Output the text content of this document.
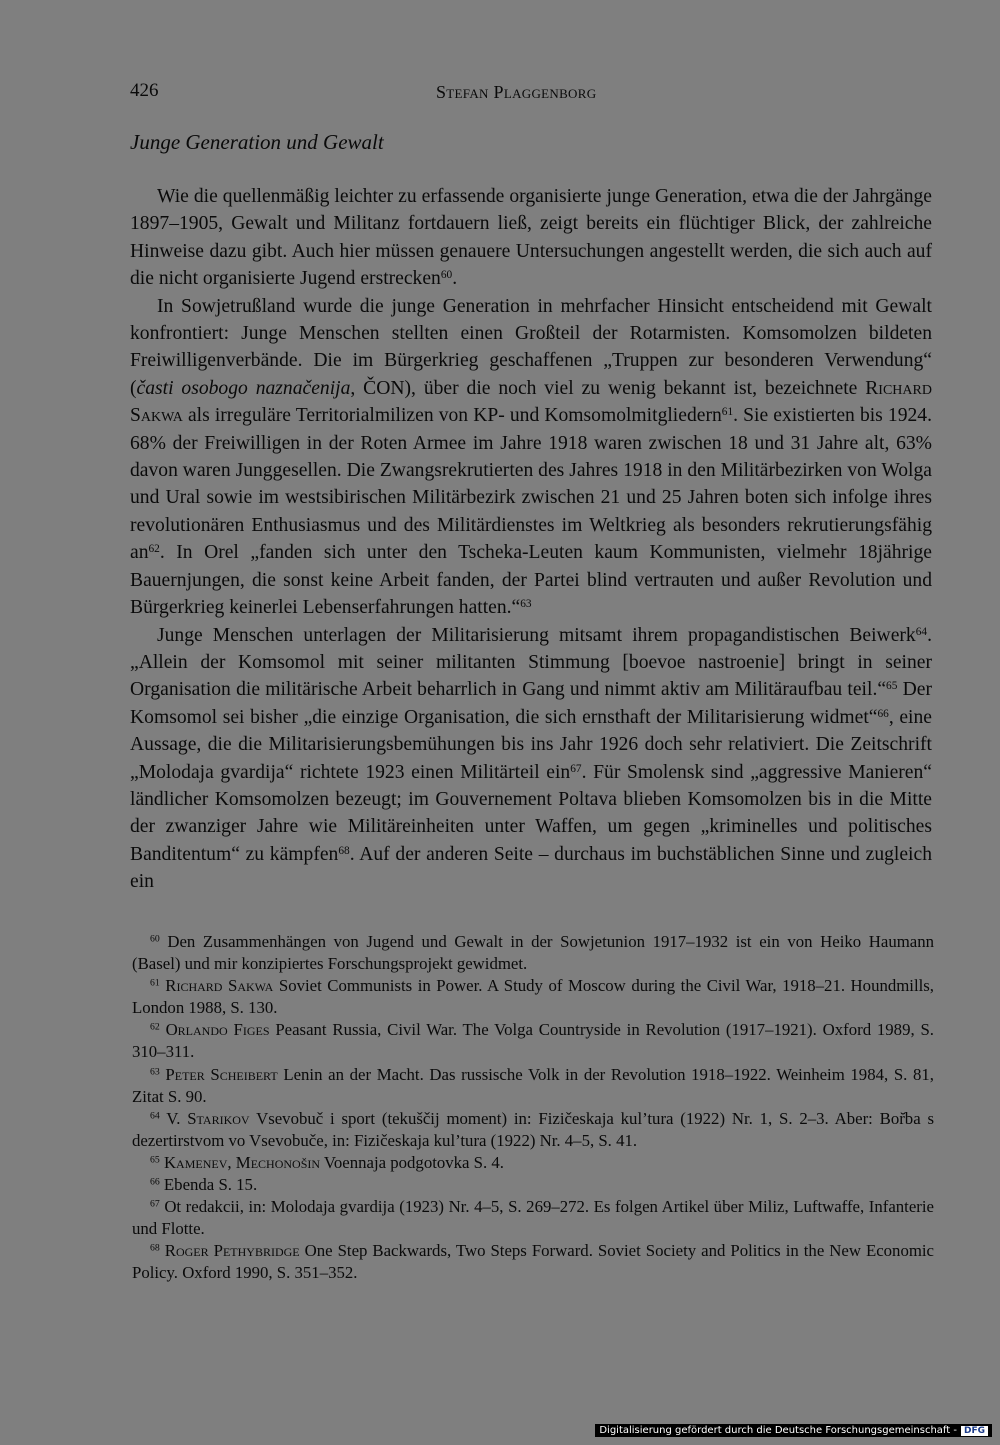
426	Stefan Plaggenborg
Junge Generation und Gewalt

Wie die quellenmäßig leichter zu erfassende organisierte junge Generation, etwa die der Jahrgänge 1897–1905, Gewalt und Militanz fortdauern ließ, zeigt bereits ein flüchtiger Blick, der zahlreiche Hinweise dazu gibt. Auch hier müssen genauere Untersuchungen angestellt werden, die sich auch auf die nicht organisierte Jugend erstrecken$^{60}$.

In Sowjetrußland wurde die junge Generation in mehrfacher Hinsicht entscheidend mit Gewalt konfrontiert: Junge Menschen stellten einen Großteil der Rotarmisten. Komsomolzen bildeten Freiwilligenverbände. Die im Bürgerkrieg geschaffenen „Truppen zur besonderen Verwendung“ (časti osobogo naznačenija, ČON), über die noch viel zu wenig bekannt ist, bezeichnete Richard Sakwa als irreguläre Territorialmilizen von KP- und Komsomolmitgliedern$^{61}$. Sie existierten bis 1924. 68% der Freiwilligen in der Roten Armee im Jahre 1918 waren zwischen 18 und 31 Jahre alt, 63% davon waren Junggesellen. Die Zwangsrekrutierten des Jahres 1918 in den Militärbezirken von Wolga und Ural sowie im westsibirischen Militärbezirk zwischen 21 und 25 Jahren boten sich infolge ihres revolutionären Enthusiasmus und des Militärdienstes im Weltkrieg als besonders rekrutierungsfähig $an^{62}$. In Orel „fanden sich unter den Tscheka-Leuten kaum Kommunisten, vielmehr 18jährige Bauernjungen, die sonst keine Arbeit fanden, der Partei blind vertrauten und außer Revolution und Bürgerkrieg keinerlei Lebenserfahrungen hatten.“$^{63}$

Junge Menschen unterlagen der Militarisierung mitsamt ihrem propagandistischen Beiwerk$^{64}$. „Allein der Komsomol mit seiner militanten Stimmung [boevoe nastroenie] bringt in seiner Organisation die militärische Arbeit beharrlich in Gang und nimmt aktiv am Militäraufbau teil.“$^{65}$ Der Komsomol sei bisher „die einzige Organisation, die sich ernsthaft der Militarisierung widmet“$^{66}$, eine Aussage, die die Militarisierungsbemühungen bis ins Jahr 1926 doch sehr relativiert. Die Zeitschrift „Molodaja gvardija“ richtete 1923 einen Militärteil ein$^{67}$. Für Smolensk sind „aggressive Manieren“ ländlicher Komsomolzen bezeugt; im Gouvernement Poltava blieben Komsomolzen bis in die Mitte der zwanziger Jahre wie Militäreinheiten unter Waffen, um gegen „kriminelles und politisches Banditentum“ zu kämpfen$^{68}$. Auf der anderen Seite – durchaus im buchstäblichen Sinne und zugleich ein

$^{60}$ Den Zusammenhängen von Jugend und Gewalt in der Sowjetunion 1917–1932 ist ein von Heiko Haumann (Basel) und mir konzipiertes Forschungsprojekt gewidmet.

$^{61}$ Richard Sakwa Soviet Communists in Power. A Study of Moscow during the Civil War, 1918–21. Houndmills, London 1988, S. 130.

$^{62}$ Orlando Figes Peasant Russia, Civil War. The Volga Countryside in Revolution (1917–1921). Oxford 1989, S. 310–311.

$^{63}$ Peter Scheibert Lenin an der Macht. Das russische Volk in der Revolution 1918–1922. Weinheim 1984, S. 81, Zitat S. 90.

$^{64}$ V. Starikov Vsevobuč i sport (tekuščij moment) in: Fizičeskaja kul’tura (1922) Nr. 1, S. 2–3. Aber: Bor̆ba s dezertirstvom vo Vsevobuče, in: Fizičeskaja kul’tura (1922) Nr. 4–5, S. 41.

$^{65}$ Kamenev, Mechonošin Voennaja podgotovka S. 4.

$^{66}$ Ebenda S. 15.

$^{67}$ Ot redakcii, in: Molodaja gvardija (1923) Nr. 4–5, S. 269–272. Es folgen Artikel über Miliz, Luftwaffe, Infanterie und Flotte.

$^{68}$ Roger Pethybridge One Step Backwards, Two Steps Forward. Soviet Society and Politics in the New Economic Policy. Oxford 1990, S. 351–352.

Digitalisierung gefördert durch die Deutsche Forschungsgemeinschaft - DFG
